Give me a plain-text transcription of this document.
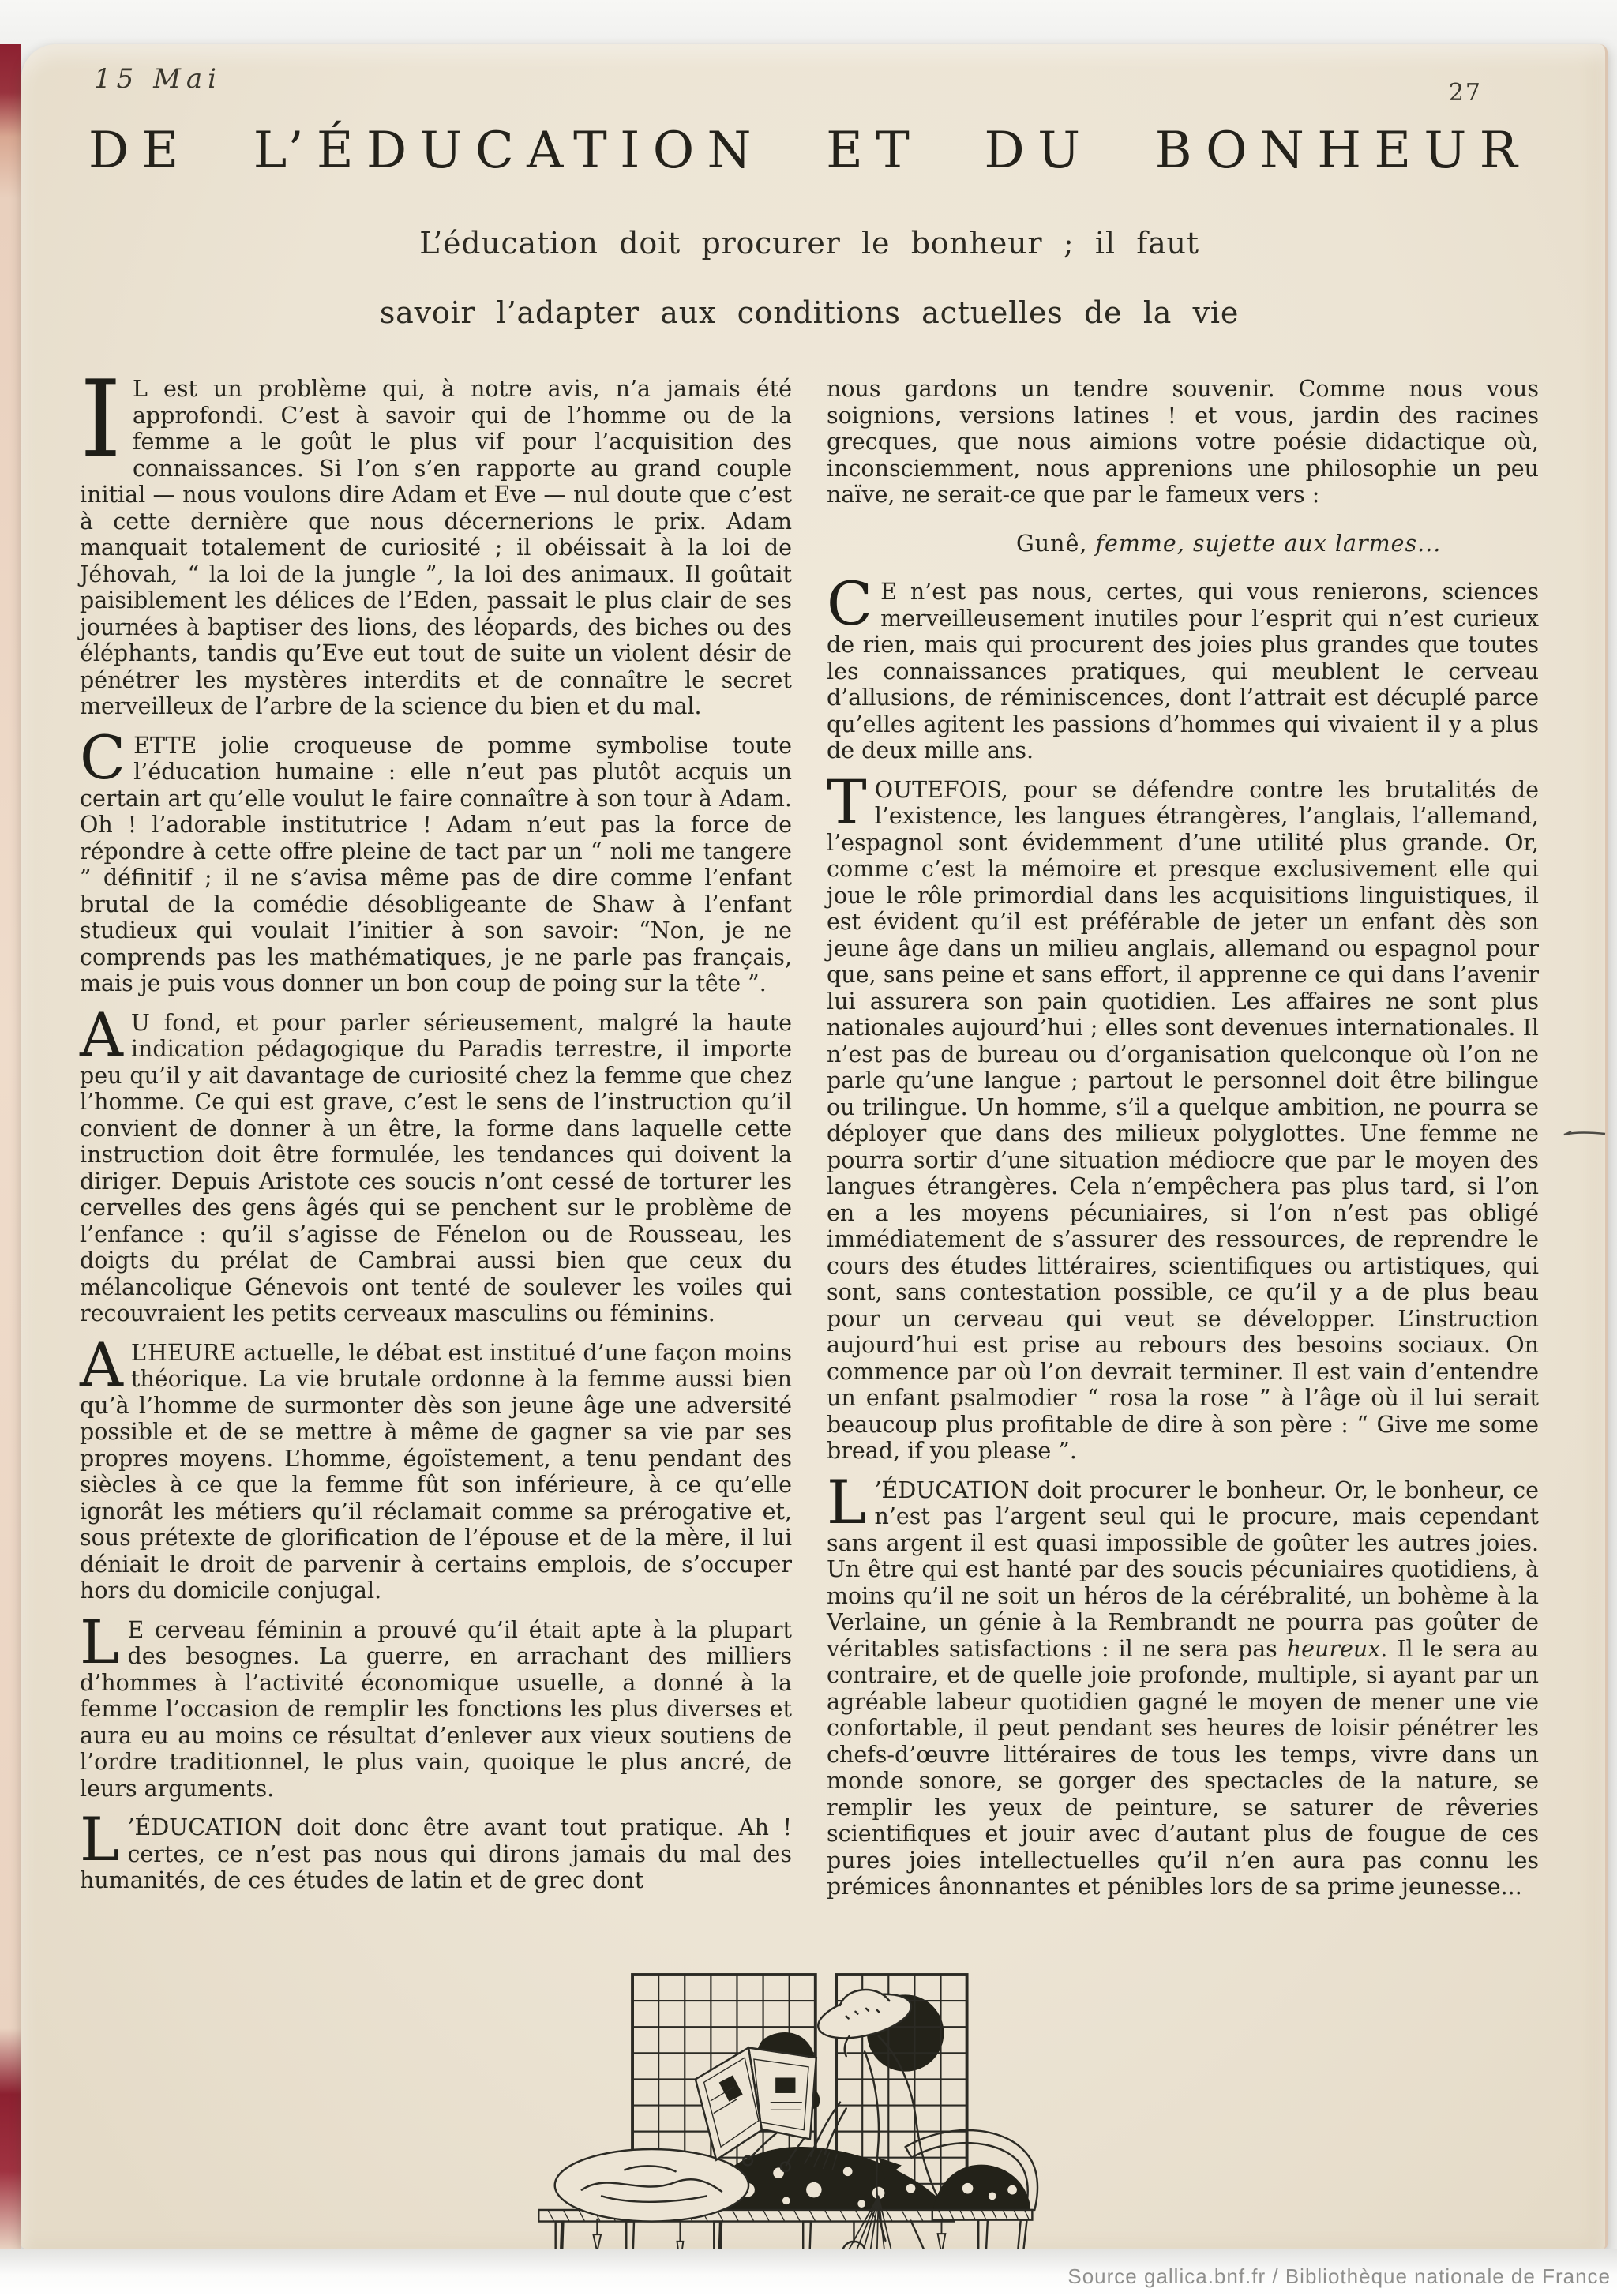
15 Mai	27
DE L’ÉDUCATION ET DU BONHEUR
L’éducation doit procurer le bonheur ; il faut
savoir l’adapter aux conditions actuelles de la vie

I L est un problème qui, à notre avis, n’a jamais été approfondi. C’est à savoir qui de l’homme ou de la femme a le goût le plus vif pour l’acquisition des connaissances. Si l’on s’en rapporte au grand couple initial — nous voulons dire Adam et Eve — nul doute que c’est à cette dernière que nous décernerions le prix. Adam manquait totalement de curiosité ; il obéissait à la loi de Jéhovah, “ la loi de la jungle ”, la loi des animaux. Il goûtait paisiblement les délices de l’Eden, passait le plus clair de ses journées à baptiser des lions, des léopards, des biches ou des éléphants, tandis qu’Eve eut tout de suite un violent désir de pénétrer les mystères interdits et de connaître le secret merveilleux de l’arbre de la science du bien et du mal.

CETTE jolie croqueuse de pomme symbolise toute l’éducation humaine : elle n’eut pas plutôt acquis un certain art qu’elle voulut le faire connaître à son tour à Adam. Oh ! l’adorable institutrice ! Adam n’eut pas la force de répondre à cette offre pleine de tact par un “ noli me tangere ” définitif ; il ne s’avisa même pas de dire comme l’enfant brutal de la comédie désobligeante de Shaw à l’enfant studieux qui voulait l’initier à son savoir: “Non, je ne comprends pas les mathématiques, je ne parle pas français, mais je puis vous donner un bon coup de poing sur la tête ”.

A U fond, et pour parler sérieusement, malgré la haute indication pédagogique du Paradis terrestre, il importe peu qu’il y ait davantage de curiosité chez la femme que chez l’homme. Ce qui est grave, c’est le sens de l’instruction qu’il convient de donner à un être, la forme dans laquelle cette instruction doit être formulée, les tendances qui doivent la diriger. Depuis Aristote ces soucis n’ont cessé de torturer les cervelles des gens âgés qui se penchent sur le problème de l’enfance : qu’il s’agisse de Fénelon ou de Rousseau, les doigts du prélat de Cambrai aussi bien que ceux du mélancolique Génevois ont tenté de soulever les voiles qui recouvraient les petits cerveaux masculins ou féminins.

A L’HEURE actuelle, le débat est institué d’une façon moins théorique. La vie brutale ordonne à la femme aussi bien qu’à l’homme de surmonter dès son jeune âge une adversité possible et de se mettre à même de gagner sa vie par ses propres moyens. L’homme, égoïstement, a tenu pendant des siècles à ce que la femme fût son inférieure, à ce qu’elle ignorât les métiers qu’il réclamait comme sa prérogative et, sous prétexte de glorification de l’épouse et de la mère, il lui déniait le droit de parvenir à certains emplois, de s’occuper hors du domicile conjugal.

L E cerveau féminin a prouvé qu’il était apte à la plupart des besognes. La guerre, en arrachant des milliers d’hommes à l’activité économique usuelle, a donné à la femme l’occasion de remplir les fonctions les plus diverses et aura eu au moins ce résultat d’enlever aux vieux soutiens de l’ordre traditionnel, le plus vain, quoique le plus ancré, de leurs arguments.

L ’ÉDUCATION doit donc être avant tout pratique. Ah ! certes, ce n’est pas nous qui dirons jamais du mal des humanités, de ces études de latin et de grec dont

nous gardons un tendre souvenir. Comme nous vous soignions, versions latines ! et vous, jardin des racines grecques, que nous aimions votre poésie didactique où, inconsciemment, nous apprenions une philosophie un peu naïve, ne serait-ce que par le fameux vers :

Gunê, femme, sujette aux larmes...

C E n’est pas nous, certes, qui vous renierons, sciences merveilleusement inutiles pour l’esprit qui n’est curieux de rien, mais qui procurent des joies plus grandes que toutes les connaissances pratiques, qui meublent le cerveau d’allusions, de réminiscences, dont l’attrait est décuplé parce qu’elles agitent les passions d’hommes qui vivaient il y a plus de deux mille ans.

TOUTEFOIS, pour se défendre contre les brutalités de l’existence, les langues étrangères, l’anglais, l’allemand, l’espagnol sont évidemment d’une utilité plus grande. Or, comme c’est la mémoire et presque exclusivement elle qui joue le rôle primordial dans les acquisitions linguistiques, il est évident qu’il est préférable de jeter un enfant dès son jeune âge dans un milieu anglais, allemand ou espagnol pour que, sans peine et sans effort, il apprenne ce qui dans l’avenir lui assurera son pain quotidien. Les affaires ne sont plus nationales aujourd’hui ; elles sont devenues internationales. Il n’est pas de bureau ou d’organisation quelconque où l’on ne parle qu’une langue ; partout le personnel doit être bilingue ou trilingue. Un homme, s’il a quelque ambition, ne pourra se déployer que dans des milieux polyglottes. Une femme ne pourra sortir d’une situation médiocre que par le moyen des langues étrangères. Cela n’empêchera pas plus tard, si l’on en a les moyens pécuniaires, si l’on n’est pas obligé immédiatement de s’assurer des ressources, de reprendre le cours des études littéraires, scientifiques ou artistiques, qui sont, sans contestation possible, ce qu’il y a de plus beau pour un cerveau qui veut se développer. L’instruction aujourd’hui est prise au rebours des besoins sociaux. On commence par où l’on devrait terminer. Il est vain d’entendre un enfant psalmodier “ rosa la rose ” à l’âge où il lui serait beaucoup plus profitable de dire à son père : “ Give me some bread, if you please ”.

L ’ÉDUCATION doit procurer le bonheur. Or, le bonheur, ce n’est pas l’argent seul qui le procure, mais cependant sans argent il est quasi impossible de goûter les autres joies. Un être qui est hanté par des soucis pécuniaires quotidiens, à moins qu’il ne soit un héros de la cérébralité, un bohème à la Verlaine, un génie à la Rembrandt ne pourra pas goûter de véritables satisfactions : il ne sera pas heureux. Il le sera au contraire, et de quelle joie profonde, multiple, si ayant par un agréable labeur quotidien gagné le moyen de mener une vie confortable, il peut pendant ses heures de loisir pénétrer les chefs-d’œuvre littéraires de tous les temps, vivre dans un monde sonore, se gorger des spectacles de la nature, se remplir les yeux de peinture, se saturer de rêveries scientifiques et jouir avec d’autant plus de fougue de ces pures joies intellectuelles qu’il n’en aura pas connu les prémices ânonnantes et pénibles lors de sa prime jeunesse...

Source gallica.bnf.fr / Bibliothèque nationale de France
